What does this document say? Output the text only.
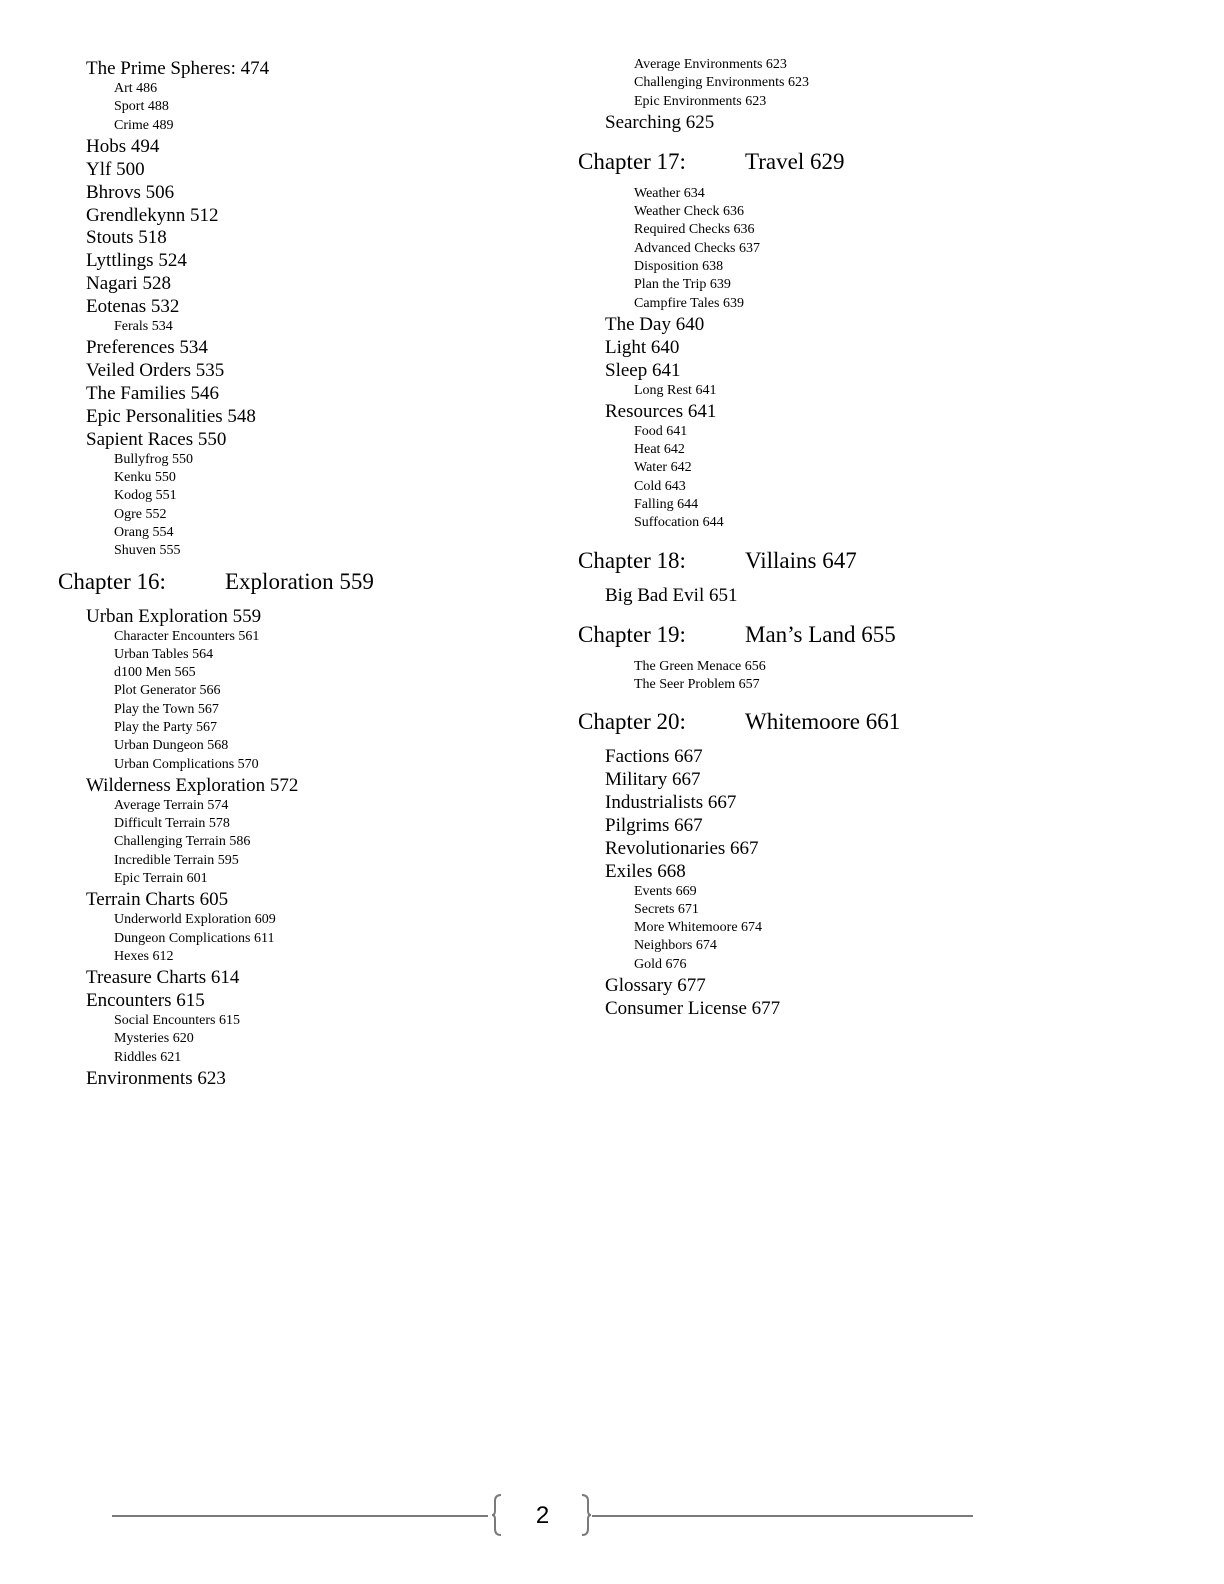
The Prime Spheres: 474
Art 486
Sport 488
Crime 489
Hobs 494
Ylf 500
Bhrovs 506
Grendlekynn 512
Stouts 518
Lyttlings 524
Nagari 528
Eotenas 532
Ferals 534
Preferences 534
Veiled Orders 535
The Families 546
Epic Personalities 548
Sapient Races 550
Bullyfrog 550
Kenku 550
Kodog 551
Ogre 552
Orang 554
Shuven 555
Chapter 16:	Exploration 559
Urban Exploration 559
Character Encounters 561
Urban Tables 564
d100 Men 565
Plot Generator 566
Play the Town 567
Play the Party 567
Urban Dungeon 568
Urban Complications 570
Wilderness Exploration 572
Average Terrain 574
Difficult Terrain 578
Challenging Terrain 586
Incredible Terrain 595
Epic Terrain 601
Terrain Charts 605
Underworld Exploration 609
Dungeon Complications 611
Hexes 612
Treasure Charts 614
Encounters 615
Social Encounters 615
Mysteries 620
Riddles 621
Environments 623
Average Environments 623
Challenging Environments 623
Epic Environments 623
Searching 625
Chapter 17:	Travel 629
Weather 634
Weather Check 636
Required Checks 636
Advanced Checks 637
Disposition 638
Plan the Trip 639
Campfire Tales 639
The Day 640
Light 640
Sleep 641
Long Rest 641
Resources 641
Food 641
Heat 642
Water 642
Cold 643
Falling 644
Suffocation 644
Chapter 18:	Villains 647
Big Bad Evil 651
Chapter 19:	Man’s Land 655
The Green Menace 656
The Seer Problem 657
Chapter 20:	Whitemoore 661
Factions 667
Military 667
Industrialists 667
Pilgrims 667
Revolutionaries 667
Exiles 668
Events 669
Secrets 671
More Whitemoore 674
Neighbors 674
Gold 676
Glossary 677
Consumer License 677
2
